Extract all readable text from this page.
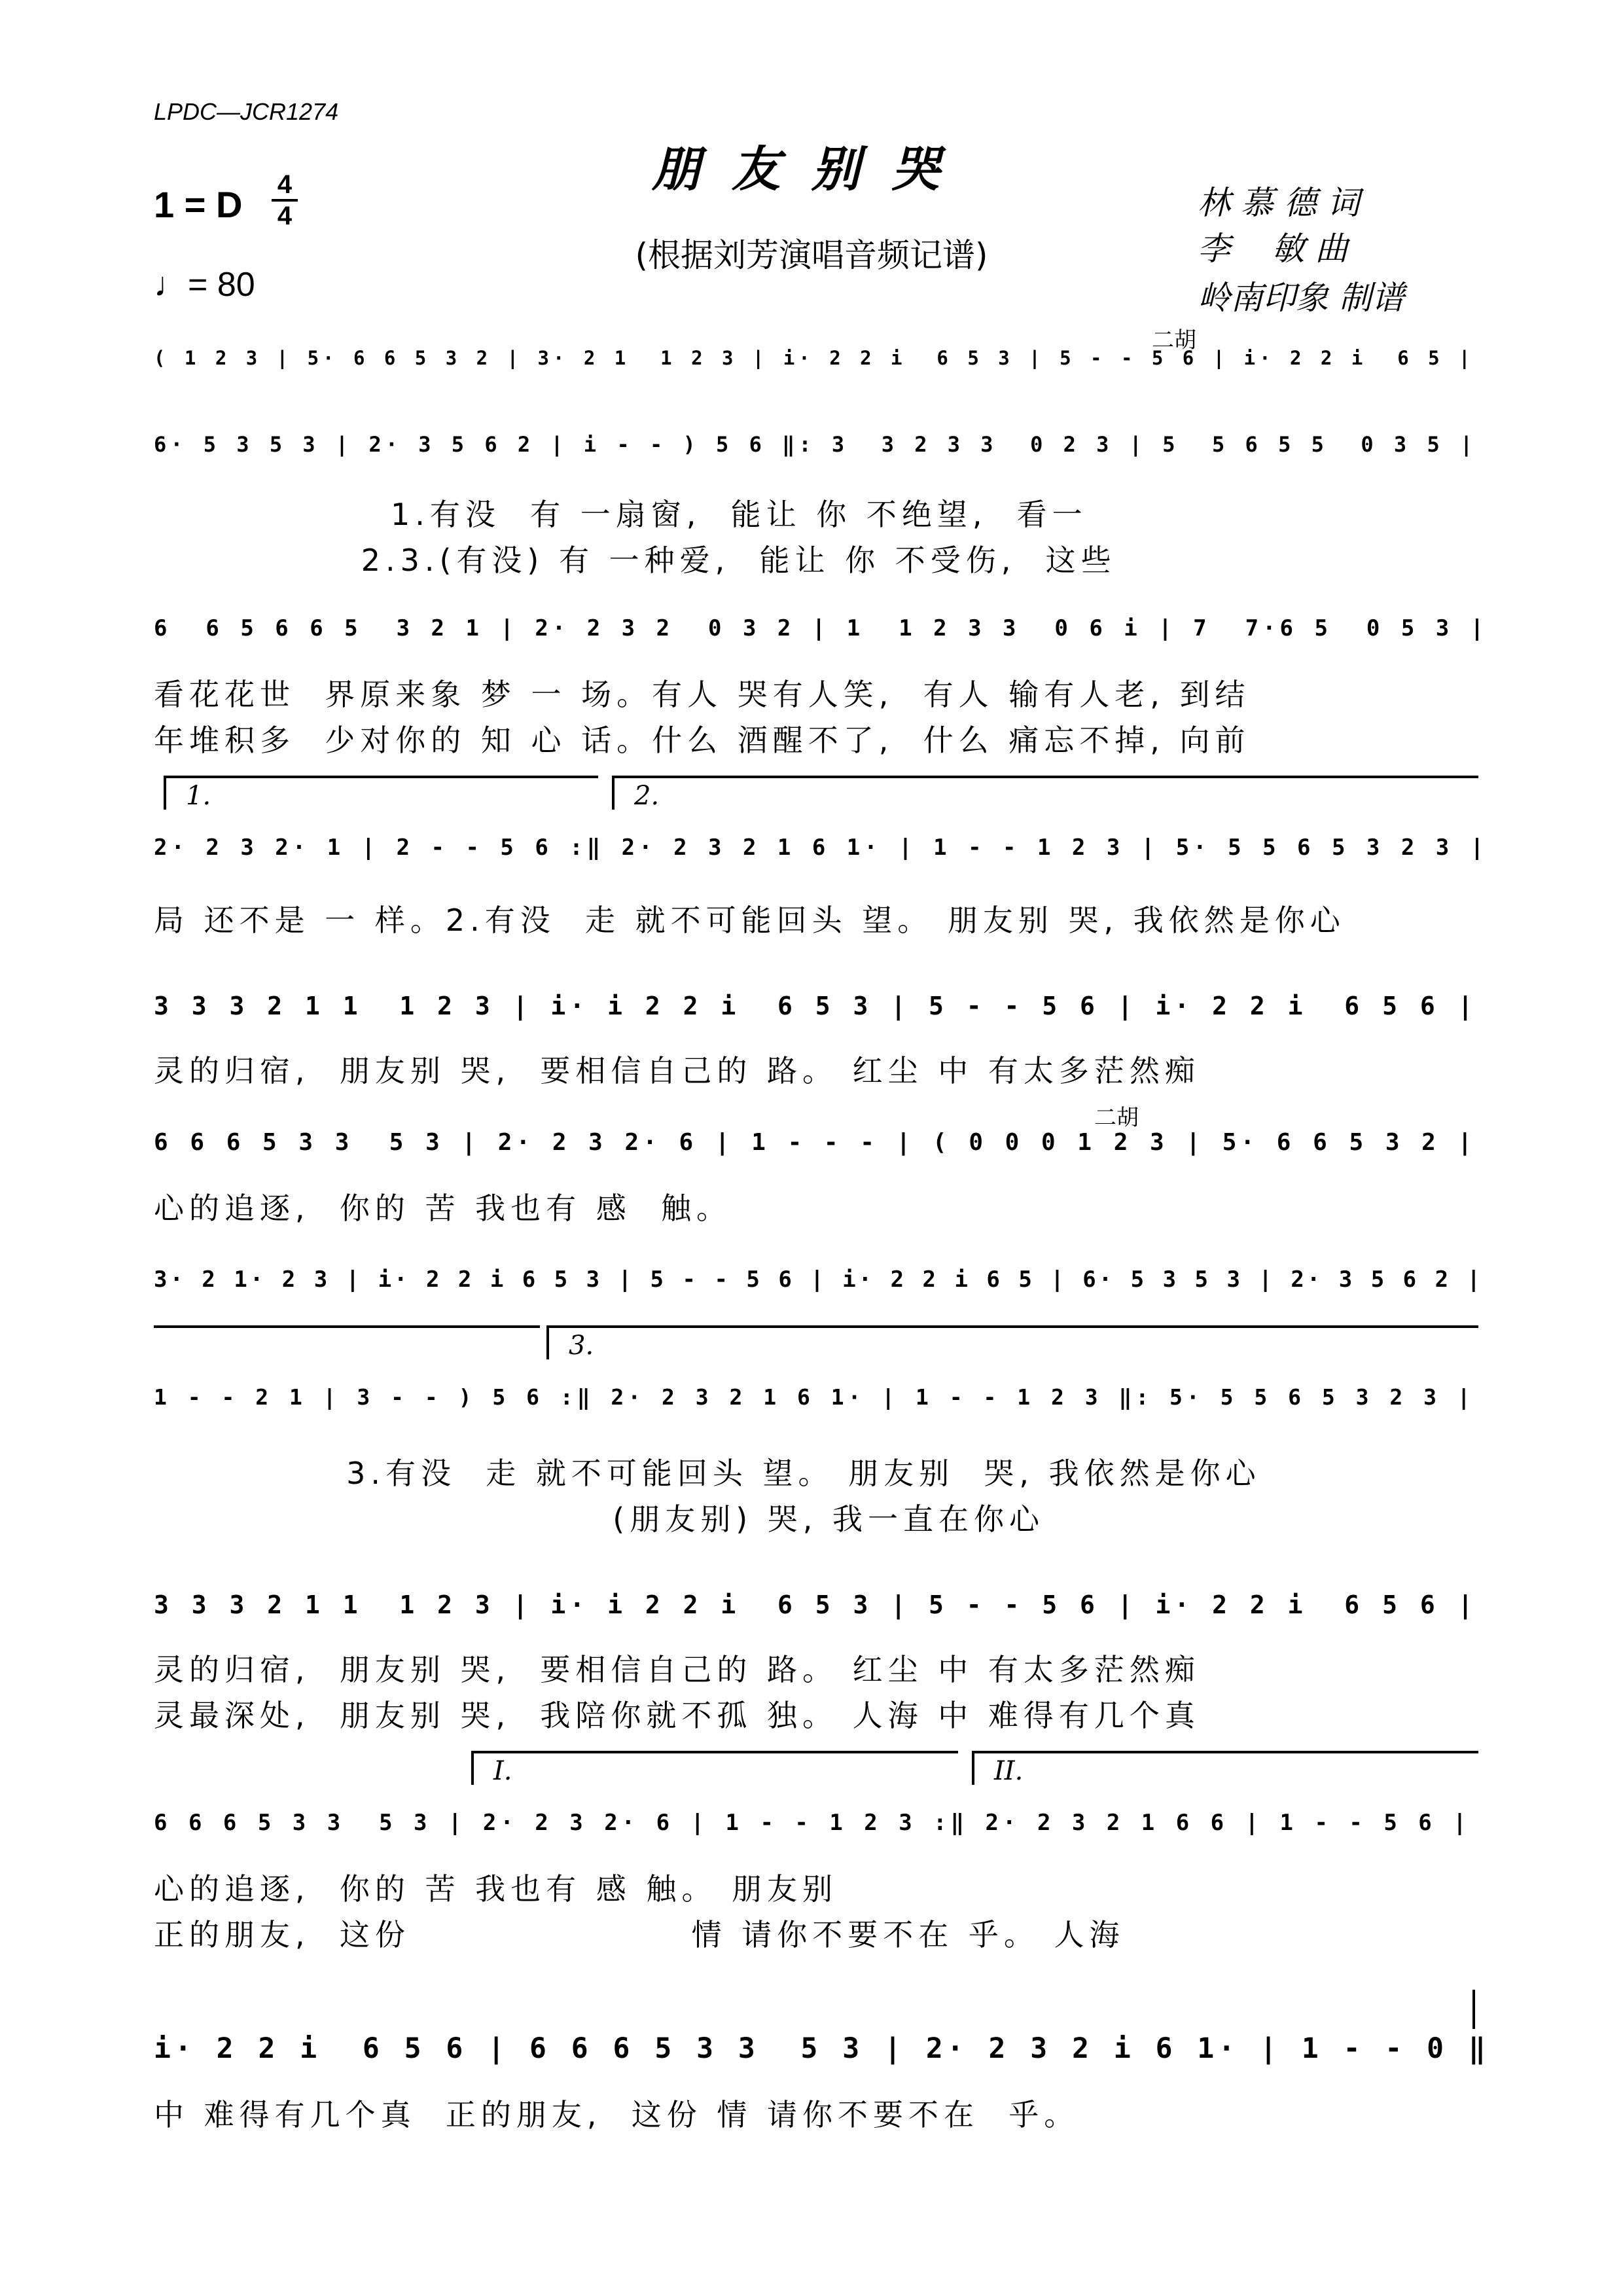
LPDC—JCR1274
朋友别哭
(根据刘芳演唱音频记谱)
1 = D 4
4
♩= 80
林 慕 德 词
李    敏 曲
岭南印象 制谱
二胡
二胡
( 1 2 3 | 5· 6 6 5 3 2 | 3· 2 1  1 2 3 | i· 2 2 i  6 5 3 | 5 - - 5 6 | i· 2 2 i  6 5 |
6· 5 3 5 3 | 2· 3 5 6 2 | i - - ) 5 6 ‖: 3  3 2 3 3  0 2 3 | 5  5 6 5 5  0 3 5 |
1.有没  有 一扇窗,  能让 你 不绝望,  看一
2.3.(有没) 有 一种爱,  能让 你 不受伤,  这些
6  6 5 6 6 5  3 2 1 | 2· 2 3 2  0 3 2 | 1  1 2 3 3  0 6 i | 7  7·6 5  0 5 3 |
看花花世  界原来象 梦 一 场。有人 哭有人笑,  有人 输有人老, 到结
年堆积多  少对你的 知 心 话。什么 酒醒不了,  什么 痛忘不掉, 向前
1.	2.
2· 2 3 2· 1 | 2 - - 5 6 :‖ 2· 2 3 2 1 6 1· | 1 - - 1 2 3 | 5· 5 5 6 5 3 2 3 |
局 还不是 一 样。2.有没  走 就不可能回头 望。 朋友别 哭, 我依然是你心
3 3 3 2 1 1  1 2 3 | i· i 2 2 i  6 5 3 | 5 - - 5 6 | i· 2 2 i  6 5 6 |
灵的归宿,  朋友别 哭,  要相信自己的 路。 红尘 中 有太多茫然痴
6 6 6 5 3 3  5 3 | 2· 2 3 2· 6 | 1 - - - | ( 0 0 0 1 2 3 | 5· 6 6 5 3 2 |
心的追逐,  你的 苦 我也有 感  触。
3· 2 1· 2 3 | i· 2 2 i 6 5 3 | 5 - - 5 6 | i· 2 2 i 6 5 | 6· 5 3 5 3 | 2· 3 5 6 2 |
3.
1 - - 2 1 | 3 - - ) 5 6 :‖ 2· 2 3 2 1 6 1· | 1 - - 1 2 3 ‖: 5· 5 5 6 5 3 2 3 |
3.有没  走 就不可能回头 望。 朋友别  哭, 我依然是你心
(朋友别) 哭, 我一直在你心
3 3 3 2 1 1  1 2 3 | i· i 2 2 i  6 5 3 | 5 - - 5 6 | i· 2 2 i  6 5 6 |
灵的归宿,  朋友别 哭,  要相信自己的 路。 红尘 中 有太多茫然痴
灵最深处,  朋友别 哭,  我陪你就不孤 独。 人海 中 难得有几个真
I.	II.
6 6 6 5 3 3  5 3 | 2· 2 3 2· 6 | 1 - - 1 2 3 :‖ 2· 2 3 2 1 6 6 | 1 - - 5 6 |
心的追逐,  你的 苦 我也有 感 触。 朋友别
正的朋友,  这份                   情 请你不要不在 乎。 人海
i· 2 2 i  6 5 6 | 6 6 6 5 3 3  5 3 | 2· 2 3 2 i 6 1· | 1 - - 0 ‖
中 难得有几个真  正的朋友,  这份 情 请你不要不在  乎。
